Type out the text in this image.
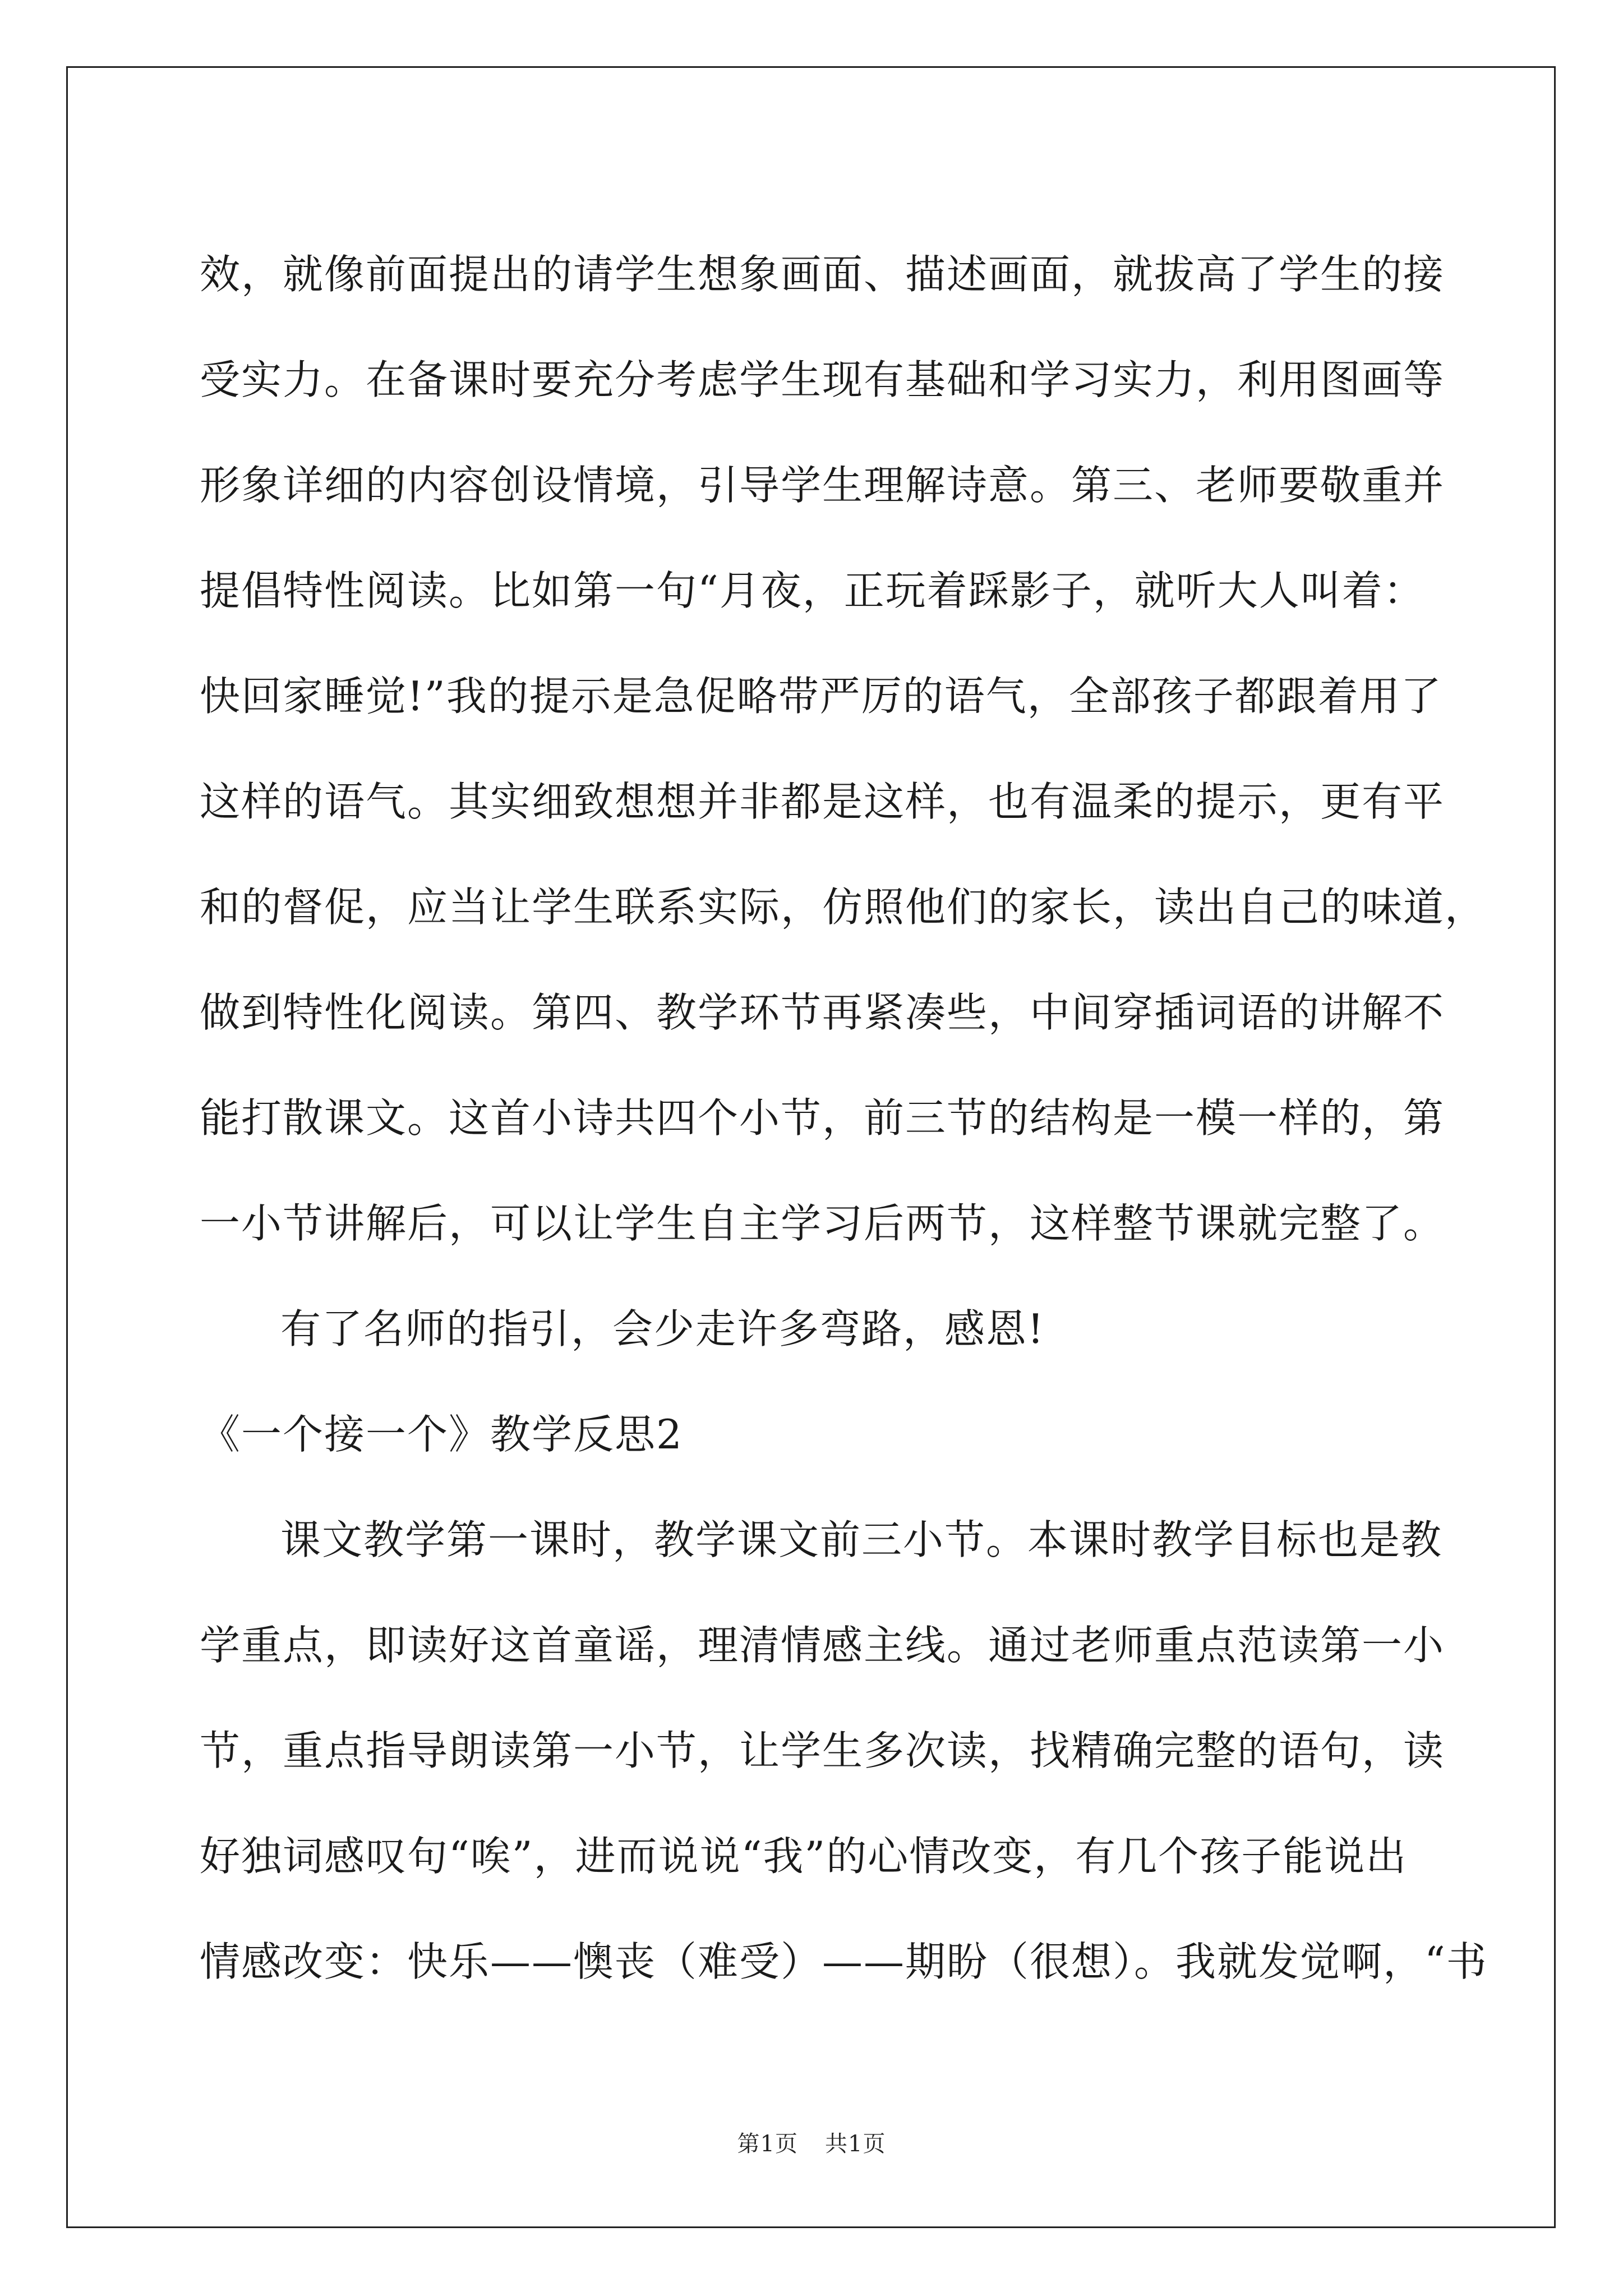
效，就像前面提出的请学生想象画面、描述画面，就拔高了学生的接
受实力。在备课时要充分考虑学生现有基础和学习实力，利用图画等
形象详细的内容创设情境，引导学生理解诗意。第三、老师要敬重并
提倡特性阅读。比如第一句“月夜，正玩着踩影子，就听大人叫着：
快回家睡觉!”我的提示是急促略带严厉的语气，全部孩子都跟着用了
这样的语气。其实细致想想并非都是这样，也有温柔的提示，更有平
和的督促，应当让学生联系实际，仿照他们的家长，读出自己的味道，
做到特性化阅读。第四、教学环节再紧凑些，中间穿插词语的讲解不
能打散课文。这首小诗共四个小节，前三节的结构是一模一样的，第
一小节讲解后，可以让学生自主学习后两节，这样整节课就完整了。
有了名师的指引，会少走许多弯路，感恩!
《一个接一个》教学反思2
课文教学第一课时，教学课文前三小节。本课时教学目标也是教
学重点，即读好这首童谣，理清情感主线。通过老师重点范读第一小
节，重点指导朗读第一小节，让学生多次读，找精确完整的语句，读
好独词感叹句“唉”，进而说说“我”的心情改变，有几个孩子能说出
情感改变：快乐——懊丧（难受）——期盼（很想）。我就发觉啊，“书
第1页 共1页
